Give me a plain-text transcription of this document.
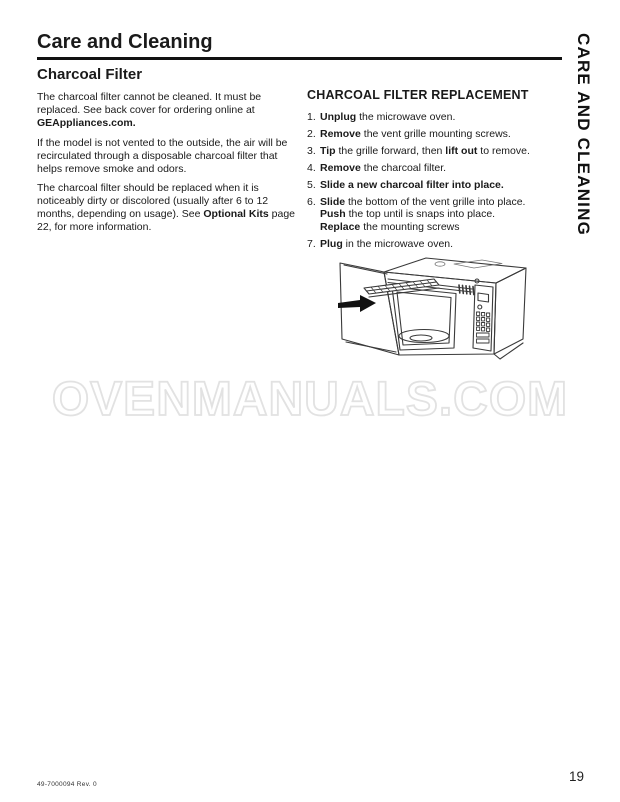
Care and Cleaning	CARE AND CLEANING
Charcoal Filter

The charcoal filter cannot be cleaned. It must be replaced. See back cover for ordering online at GEAppliances.com.

If the model is not vented to the outside, the air will be recirculated through a disposable charcoal filter that helps remove smoke and odors.

The charcoal filter should be replaced when it is noticeably dirty or discolored (usually after 6 to 12 months, depending on usage). See Optional Kits page 22, for more information.

CHARCOAL FILTER REPLACEMENT
1. Unplug the microwave oven.
2. Remove the vent grille mounting screws.
3. Tip the grille forward, then lift out to remove.
4. Remove the charcoal filter.
5. Slide a new charcoal filter into place.
6. Slide the bottom of the vent grille into place.
Push the top until is snaps into place.
Replace the mounting screws
7. Plug in the microwave oven.
OVENMANUALS.COM
49-7000094 Rev. 0
19
